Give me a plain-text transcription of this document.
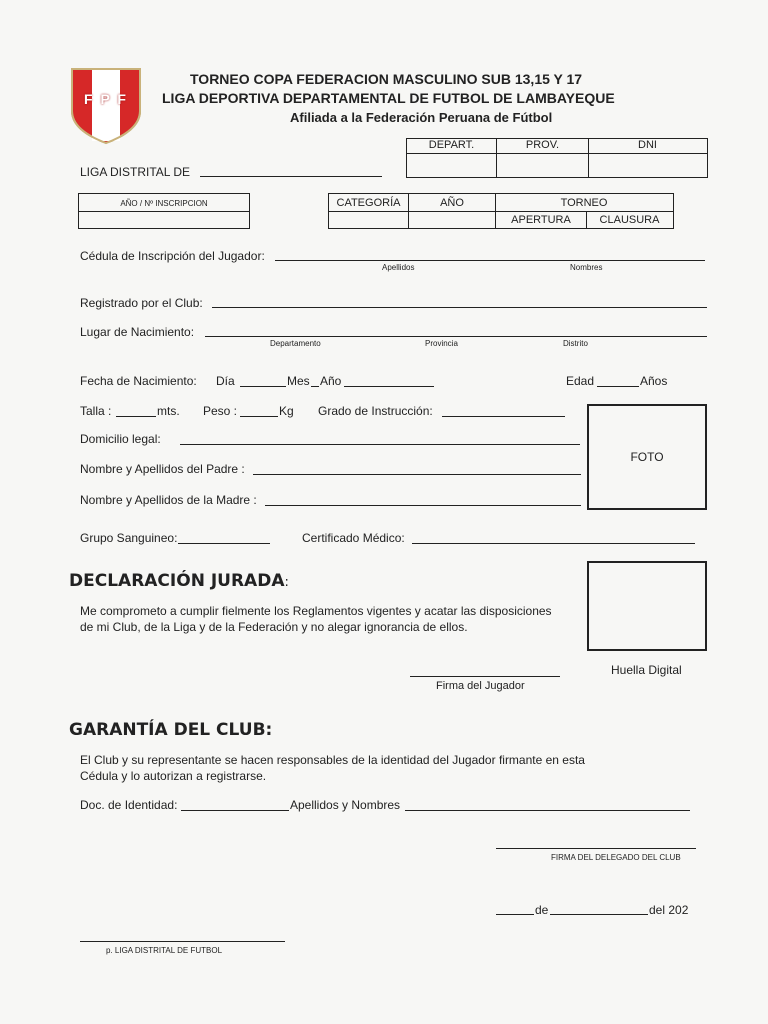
F P F
TORNEO COPA FEDERACION MASCULINO SUB 13,15 Y 17
LIGA DEPORTIVA DEPARTAMENTAL DE FUTBOL DE LAMBAYEQUE
Afiliada a la Federación Peruana de Fútbol
DEPART.	PROV.	DNI
LIGA DISTRITAL DE
AÑO / Nº INSCRIPCION	CATEGORÍA	AÑO	TORNEO
APERTURA	CLAUSURA
Cédula de Inscripción del Jugador:
Apellidos	Nombres
Registrado por el Club:
Lugar de Nacimiento:
Departamento	Provincia	Distrito
Fecha de Nacimiento: Día	Mes Año	Edad	Años
Talla :	mts. Peso :	Kg Grado de Instrucción:
FOTO
Domicilio legal:
Nombre y Apellidos del Padre :
Nombre y Apellidos de la Madre :
Grupo Sanguineo:	Certificado Médico:
DECLARACIÓN JURADA:
Me comprometo a cumplir fielmente los Reglamentos vigentes y acatar las disposiciones
de mi Club, de la Liga y de la Federación y no alegar ignorancia de ellos.
Huella Digital
Firma del Jugador
GARANTÍA DEL CLUB:
El Club y su representante se hacen responsables de la identidad del Jugador firmante en esta
Cédula y lo autorizan a registrarse.
Doc. de Identidad:	Apellidos y Nombres
FIRMA DEL DELEGADO DEL CLUB
de	del 202
p. LIGA DISTRITAL DE FUTBOL
